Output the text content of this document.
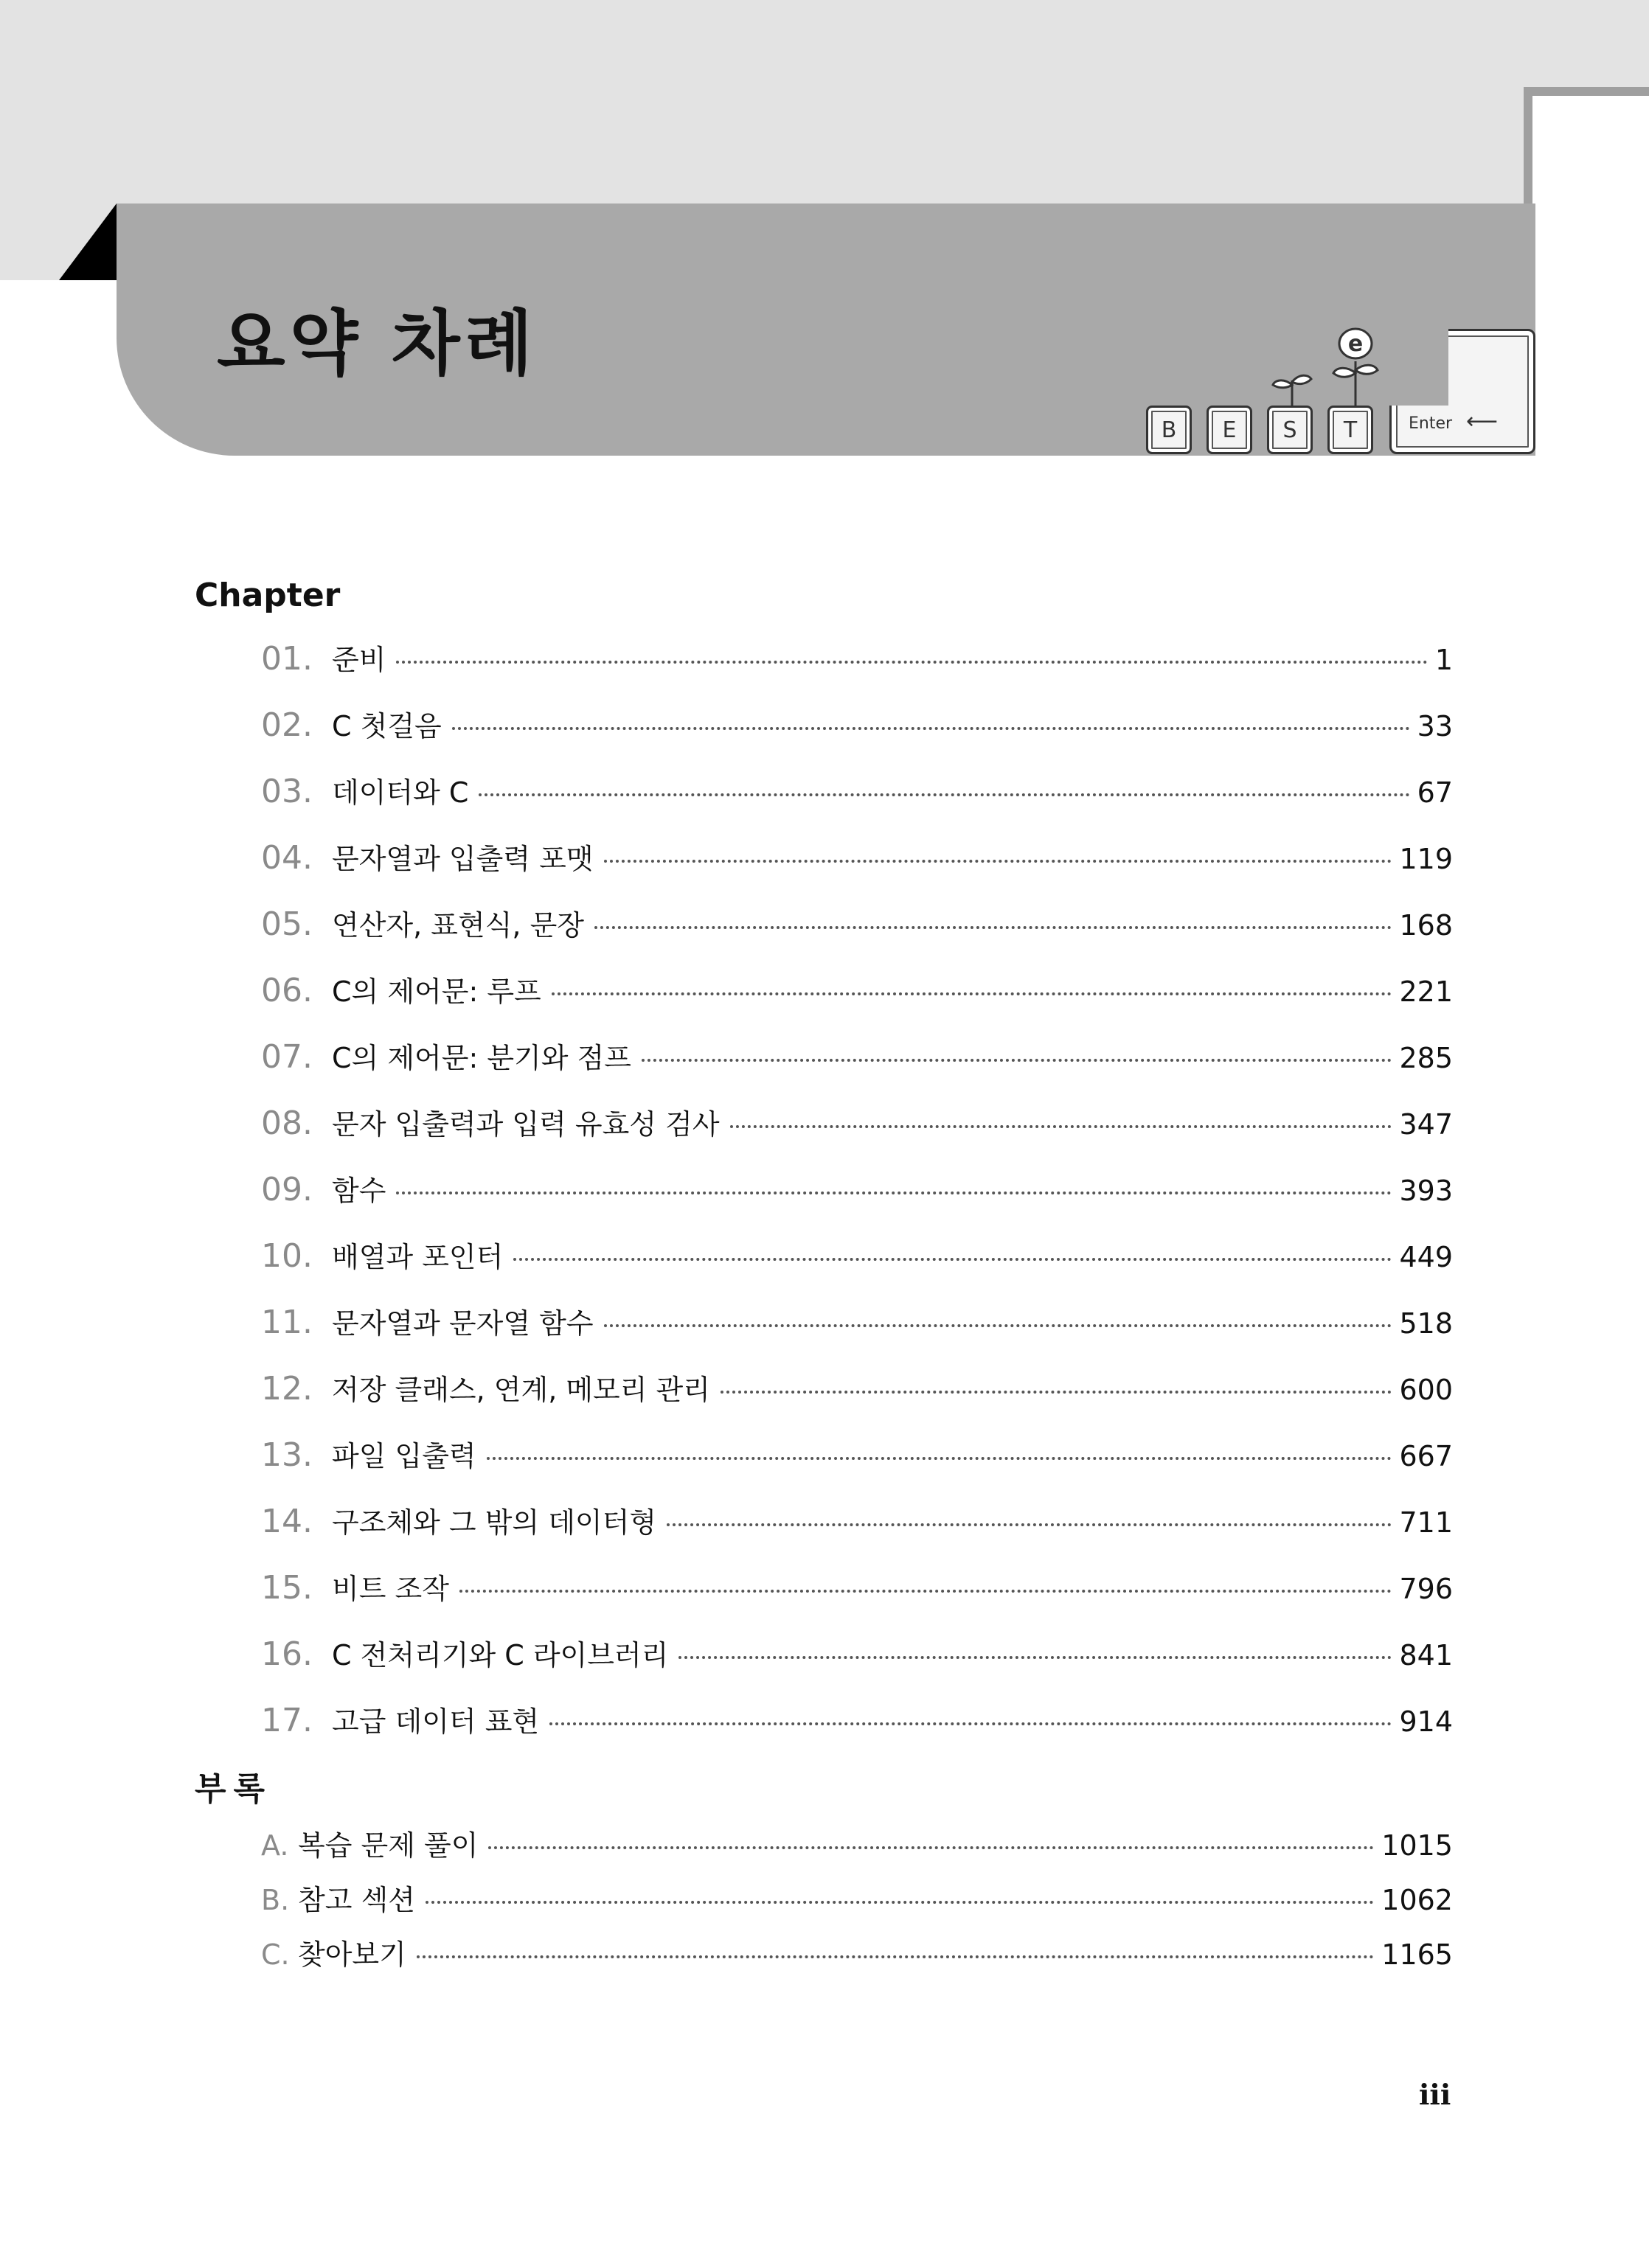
요약 차례
B	E	S	T
e
Enter ⟵
Chapter
01. 준비	1
02. C 첫걸음	33
03. 데이터와 C	67
04. 문자열과 입출력 포맷	119
05. 연산자, 표현식, 문장	168
06. C의 제어문: 루프	221
07. C의 제어문: 분기와 점프	285
08. 문자 입출력과 입력 유효성 검사	347
09. 함수	393
10. 배열과 포인터	449
11. 문자열과 문자열 함수	518
12. 저장 클래스, 연계, 메모리 관리	600
13. 파일 입출력	667
14. 구조체와 그 밖의 데이터형	711
15. 비트 조작	796
16. C 전처리기와 C 라이브러리	841
17. 고급 데이터 표현	914
부록
A. 복습 문제 풀이	1015
B. 참고 섹션	1062
C. 찾아보기	1165
iii
